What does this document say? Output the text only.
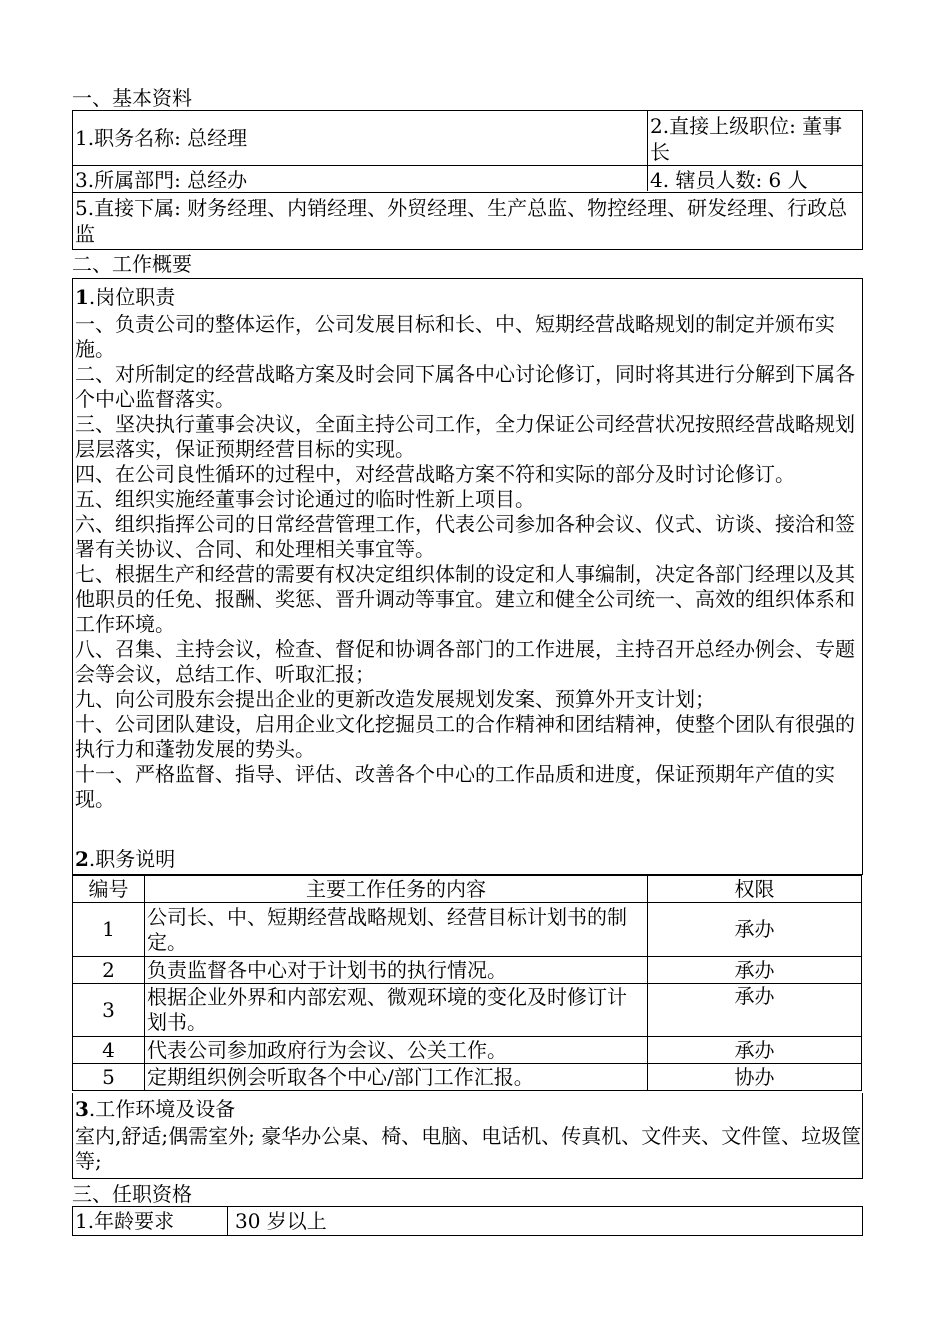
一、基本资料
1.职务名称: 总经理	2.直接上级职位: 董事长
3.所属部門: 总经办	4. 辖员人数: 6 人
5.直接下属: 财务经理、内销经理、外贸经理、生产总监、物控经理、研发经理、行政总监
二、工作概要
1.岗位职责
一、负责公司的整体运作，公司发展目标和长、中、短期经营战略规划的制定并颁布实施。
二、对所制定的经营战略方案及时会同下属各中心讨论修订，同时将其进行分解到下属各个中心监督落实。
三、坚决执行董事会决议，全面主持公司工作，全力保证公司经营状况按照经营战略规划层层落实，保证预期经营目标的实现。
四、在公司良性循环的过程中，对经营战略方案不符和实际的部分及时讨论修订。
五、组织实施经董事会讨论通过的临时性新上项目。
六、组织指挥公司的日常经营管理工作，代表公司参加各种会议、仪式、访谈、接洽和签署有关协议、合同、和处理相关事宜等。
七、根据生产和经营的需要有权决定组织体制的设定和人事编制，决定各部门经理以及其他职员的任免、报酬、奖惩、晋升调动等事宜。建立和健全公司统一、高效的组织体系和工作环境。
八、召集、主持会议，检查、督促和协调各部门的工作进展，主持召开总经办例会、专题会等会议，总结工作、听取汇报；
九、向公司股东会提出企业的更新改造发展规划发案、预算外开支计划；
十、公司团队建设，启用企业文化挖掘员工的合作精神和团结精神，使整个团队有很强的执行力和蓬勃发展的势头。
十一、严格监督、指导、评估、改善各个中心的工作品质和进度，保证预期年产值的实现。
2.职务说明
编号	主要工作任务的内容	权限
1	公司长、中、短期经营战略规划、经营目标计划书的制定。	承办
2	负责监督各中心对于计划书的执行情况。	承办
3	根据企业外界和内部宏观、微观环境的变化及时修订计划书。	承办
4	代表公司参加政府行为会议、公关工作。	承办
5	定期组织例会听取各个中心/部门工作汇报。	协办
3.工作环境及设备
室内,舒适;偶需室外; 豪华办公桌、椅、电脑、电话机、传真机、文件夹、文件筐、垃圾筐等;
三、任职资格
1.年龄要求	30 岁以上
